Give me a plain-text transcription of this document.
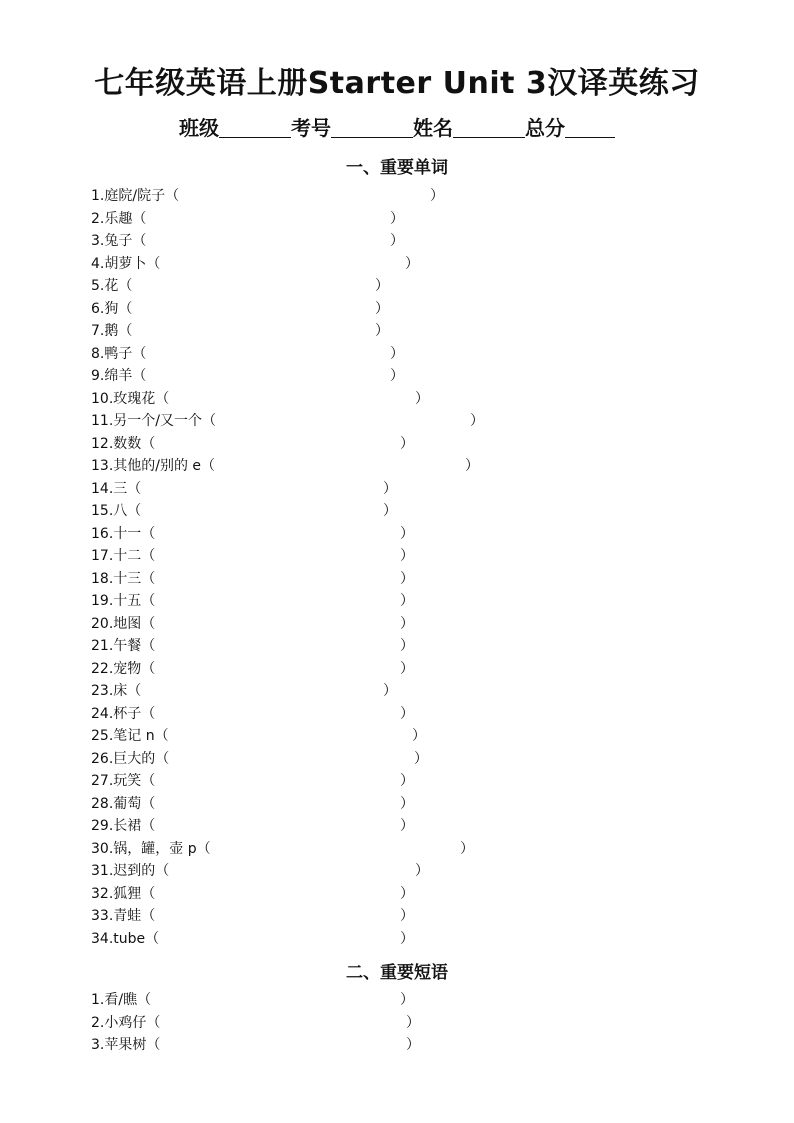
七年级英语上册Starter Unit 3汉译英练习
班级	考号	姓名	总分
一、重要单词
1.庭院/院子（	）
2.乐趣（	）
3.兔子（	）
4.胡萝卜（	）
5.花（	）
6.狗（	）
7.鹅（	）
8.鸭子（	）
9.绵羊（	）
10.玫瑰花（	）
11.另一个/又一个（	）
12.数数（	）
13.其他的/别的 e（	）
14.三（	）
15.八（	）
16.十一（	）
17.十二（	）
18.十三（	）
19.十五（	）
20.地图（	）
21.午餐（	）
22.宠物（	）
23.床（	）
24.杯子（	）
25.笔记 n（	）
26.巨大的（	）
27.玩笑（	）
28.葡萄（	）
29.长裙（	）
30.锅，罐，壶 p（	）
31.迟到的（	）
32.狐狸（	）
33.青蛙（	）
34.tube（	）
二、重要短语
1.看/瞧（	）
2.小鸡仔（	）
3.苹果树（	）
